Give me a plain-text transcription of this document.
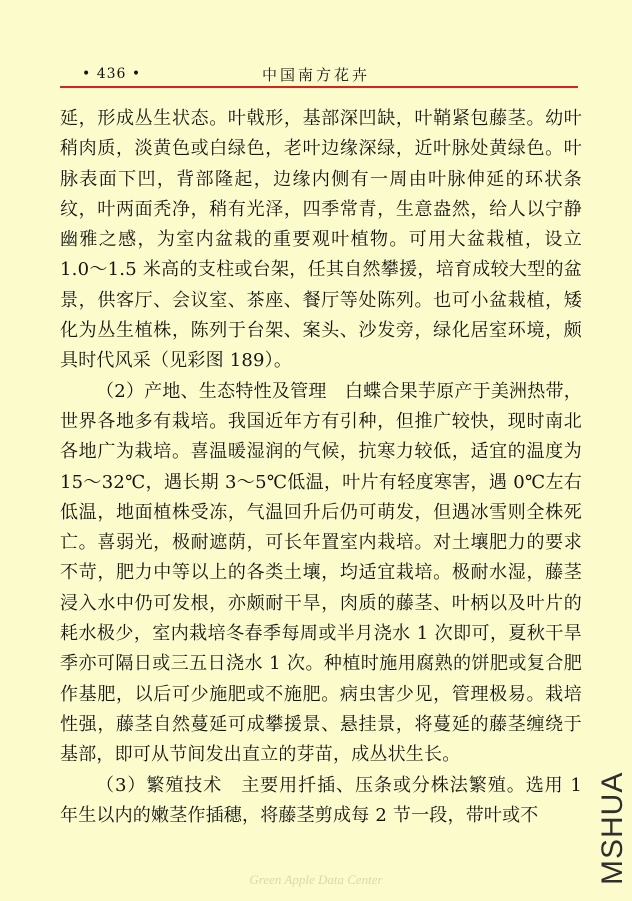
• 436 •	中国南方花卉

延，形成丛生状态。叶戟形，基部深凹缺，叶鞘紧包藤茎。幼叶稍肉质，淡黄色或白绿色，老叶边缘深绿，近叶脉处黄绿色。叶脉表面下凹，背部隆起，边缘内侧有一周由叶脉伸延的环状条纹，叶两面秃净，稍有光泽，四季常青，生意盎然，给人以宁静幽雅之感，为室内盆栽的重要观叶植物。可用大盆栽植，设立 1.0～1.5 米高的支柱或台架，任其自然攀援，培育成较大型的盆景，供客厅、会议室、茶座、餐厅等处陈列。也可小盆栽植，矮化为丛生植株，陈列于台架、案头、沙发旁，绿化居室环境，颇具时代风采（见彩图 189）。

（2）产地、生态特性及管理　白蝶合果芋原产于美洲热带，世界各地多有栽培。我国近年方有引种，但推广较快，现时南北各地广为栽培。喜温暖湿润的气候，抗寒力较低，适宜的温度为 15～32℃，遇长期 3～5℃低温，叶片有轻度寒害，遇 0℃左右低温，地面植株受冻，气温回升后仍可萌发，但遇冰雪则全株死亡。喜弱光，极耐遮荫，可长年置室内栽培。对土壤肥力的要求不苛，肥力中等以上的各类土壤，均适宜栽培。极耐水湿，藤茎浸入水中仍可发根，亦颇耐干旱，肉质的藤茎、叶柄以及叶片的耗水极少，室内栽培冬春季每周或半月浇水 1 次即可，夏秋干旱季亦可隔日或三五日浇水 1 次。种植时施用腐熟的饼肥或复合肥作基肥，以后可少施肥或不施肥。病虫害少见，管理极易。栽培性强，藤茎自然蔓延可成攀援景、悬挂景，将蔓延的藤茎缠绕于基部，即可从节间发出直立的芽苗，成丛状生长。

（3）繁殖技术　主要用扦插、压条或分株法繁殖。选用 1 年生以内的嫩茎作插穗，将藤茎剪成每 2 节一段，带叶或不

Green Apple Data Center	MSHUA
